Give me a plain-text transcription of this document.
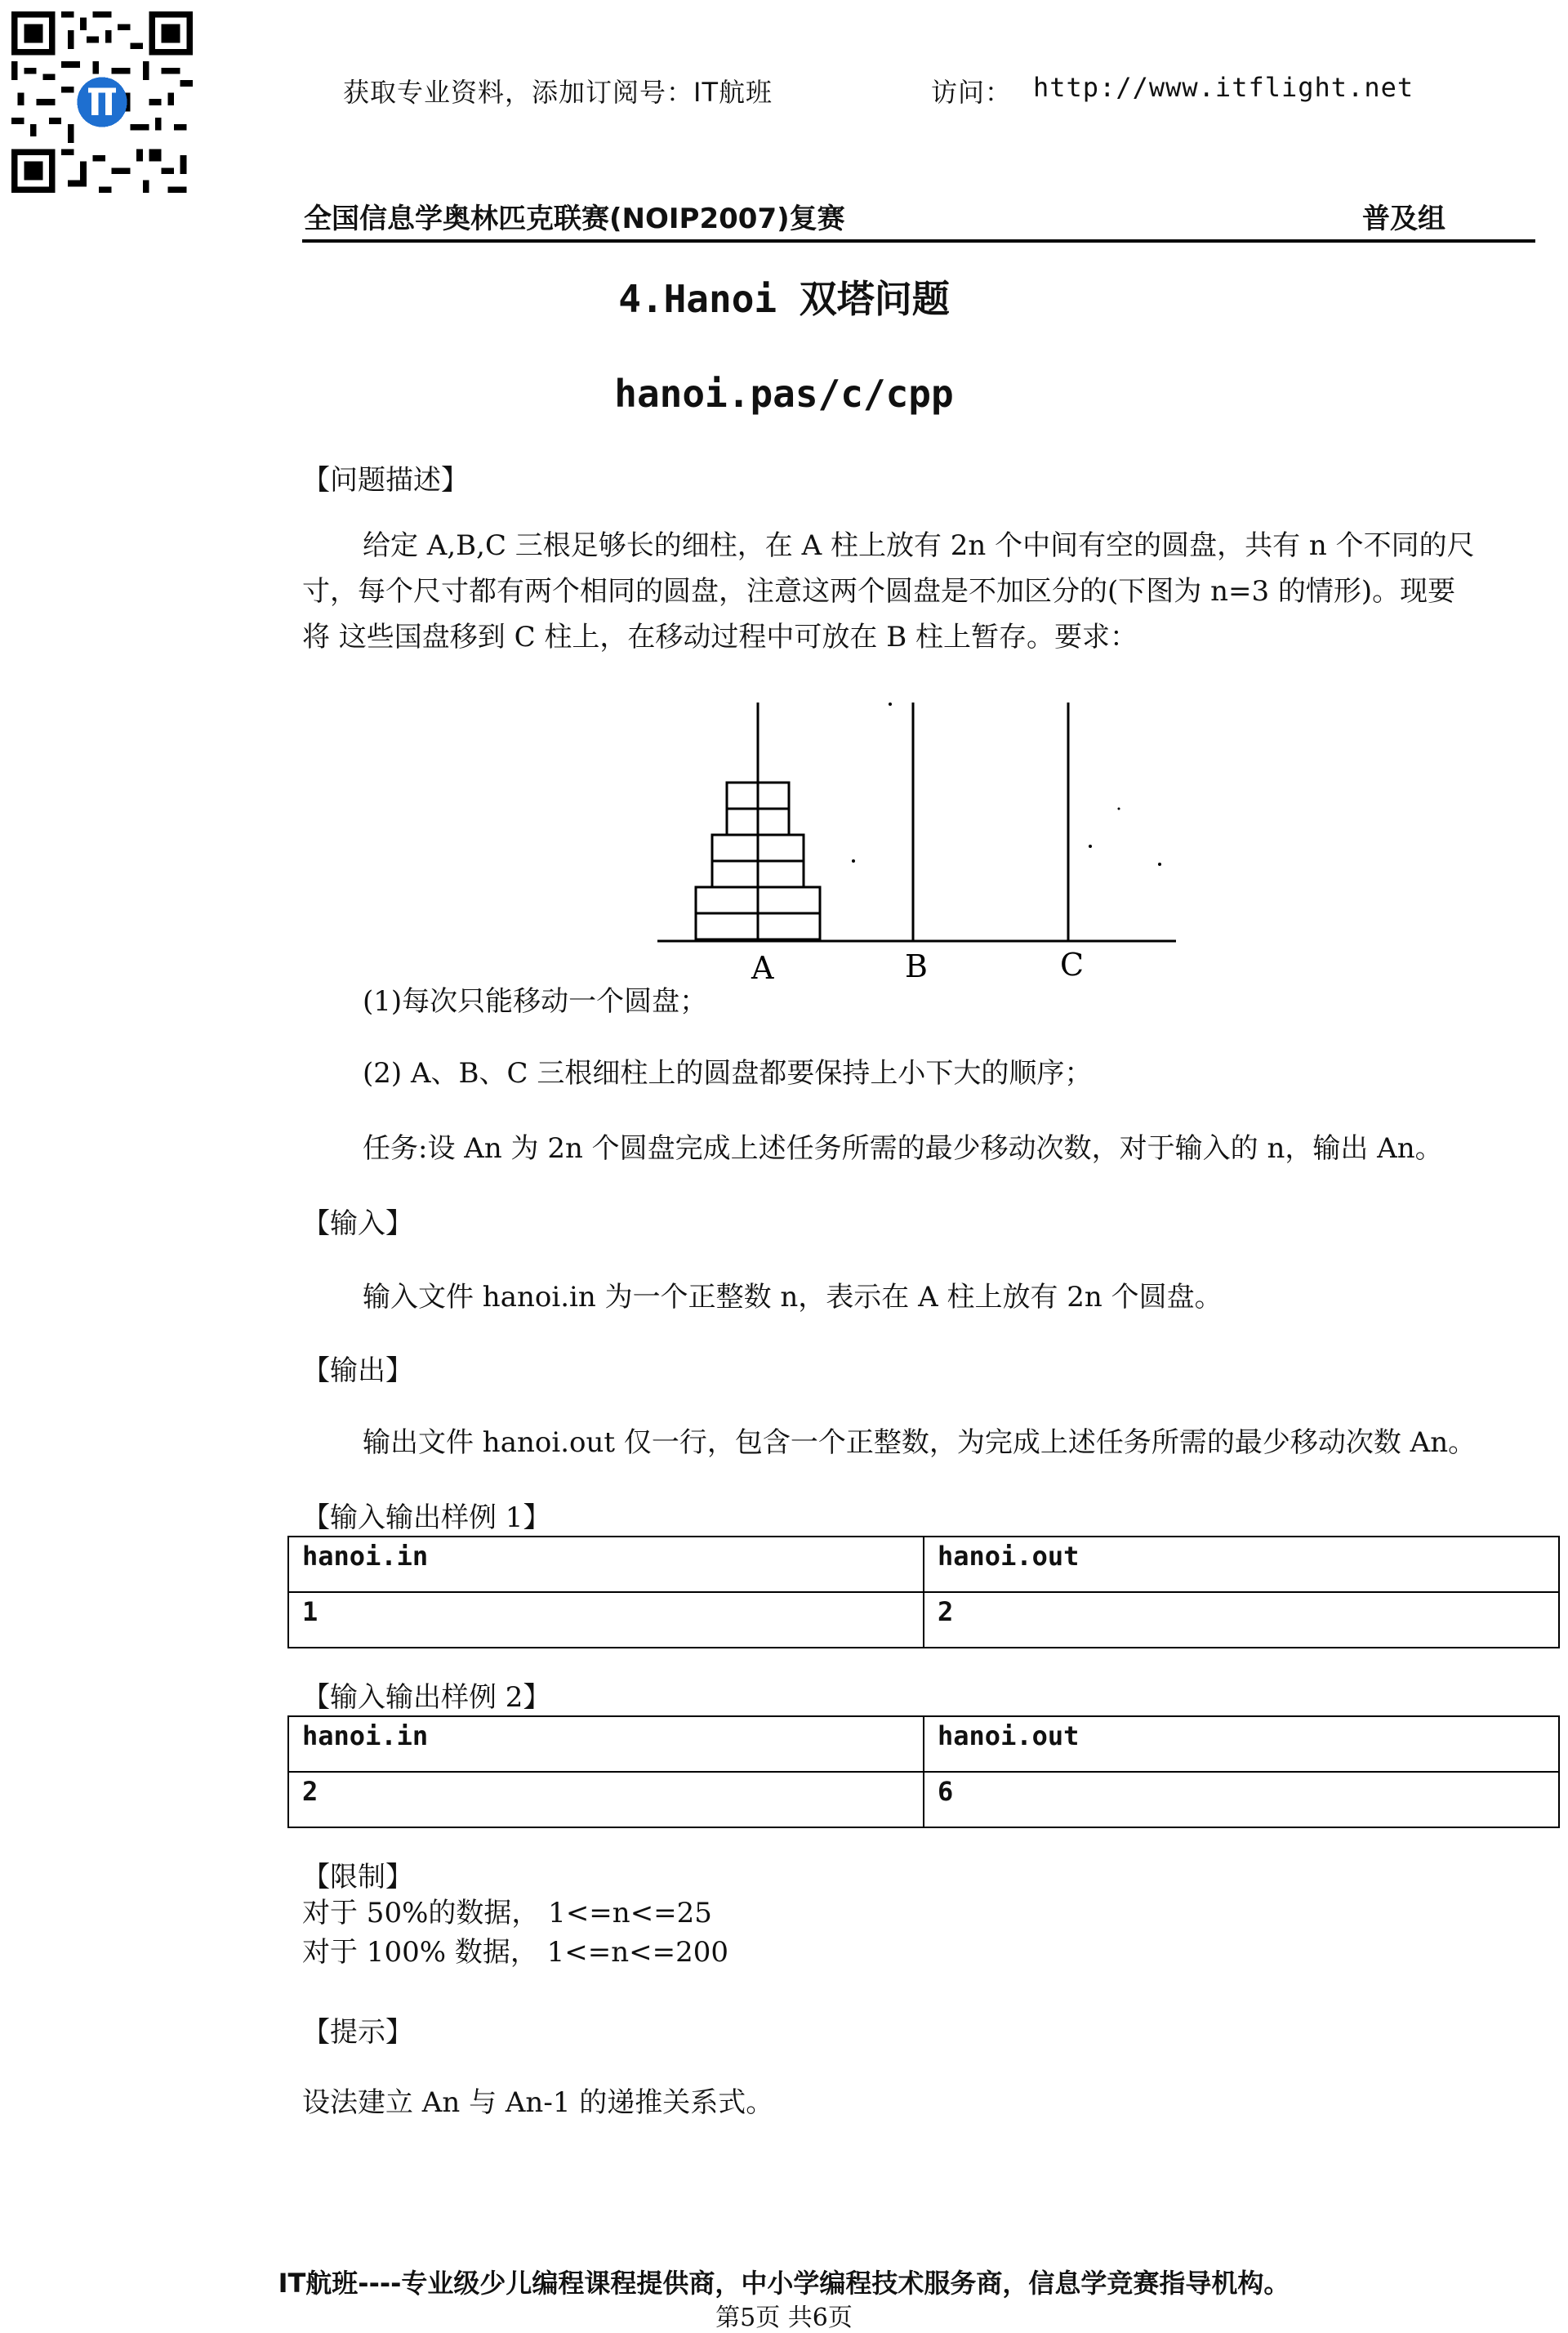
获取专业资料，添加订阅号：IT航班	访问： http://www.itflight.net
全国信息学奥林匹克联赛(NOIP2007)复赛	普及组
4.Hanoi 双塔问题
hanoi.pas/c/cpp
【问题描述】
给定 A,B,C 三根足够长的细柱，在 A 柱上放有 2n 个中间有空的圆盘，共有 n 个不同的尺
寸，每个尺寸都有两个相同的圆盘，注意这两个圆盘是不加区分的(下图为 n=3 的情形)。现要
将 这些国盘移到 C 柱上，在移动过程中可放在 B 柱上暂存。要求：
A	B	C
(1)每次只能移动一个圆盘；
(2) A、B、C 三根细柱上的圆盘都要保持上小下大的顺序；
任务:设 An 为 2n 个圆盘完成上述任务所需的最少移动次数，对于输入的 n，输出 An。
【输入】
输入文件 hanoi.in 为一个正整数 n，表示在 A 柱上放有 2n 个圆盘。
【输出】
输出文件 hanoi.out 仅一行，包含一个正整数，为完成上述任务所需的最少移动次数 An。
【输入输出样例 1】
hanoi.in	hanoi.out
1	2
【输入输出样例 2】
hanoi.in	hanoi.out
2	6
【限制】
对于 50%的数据， 1<=n<=25
对于 100% 数据， 1<=n<=200
【提示】
设法建立 An 与 An-1 的递推关系式。
IT航班----专业级少儿编程课程提供商，中小学编程技术服务商，信息学竞赛指导机构。
第5页 共6页
